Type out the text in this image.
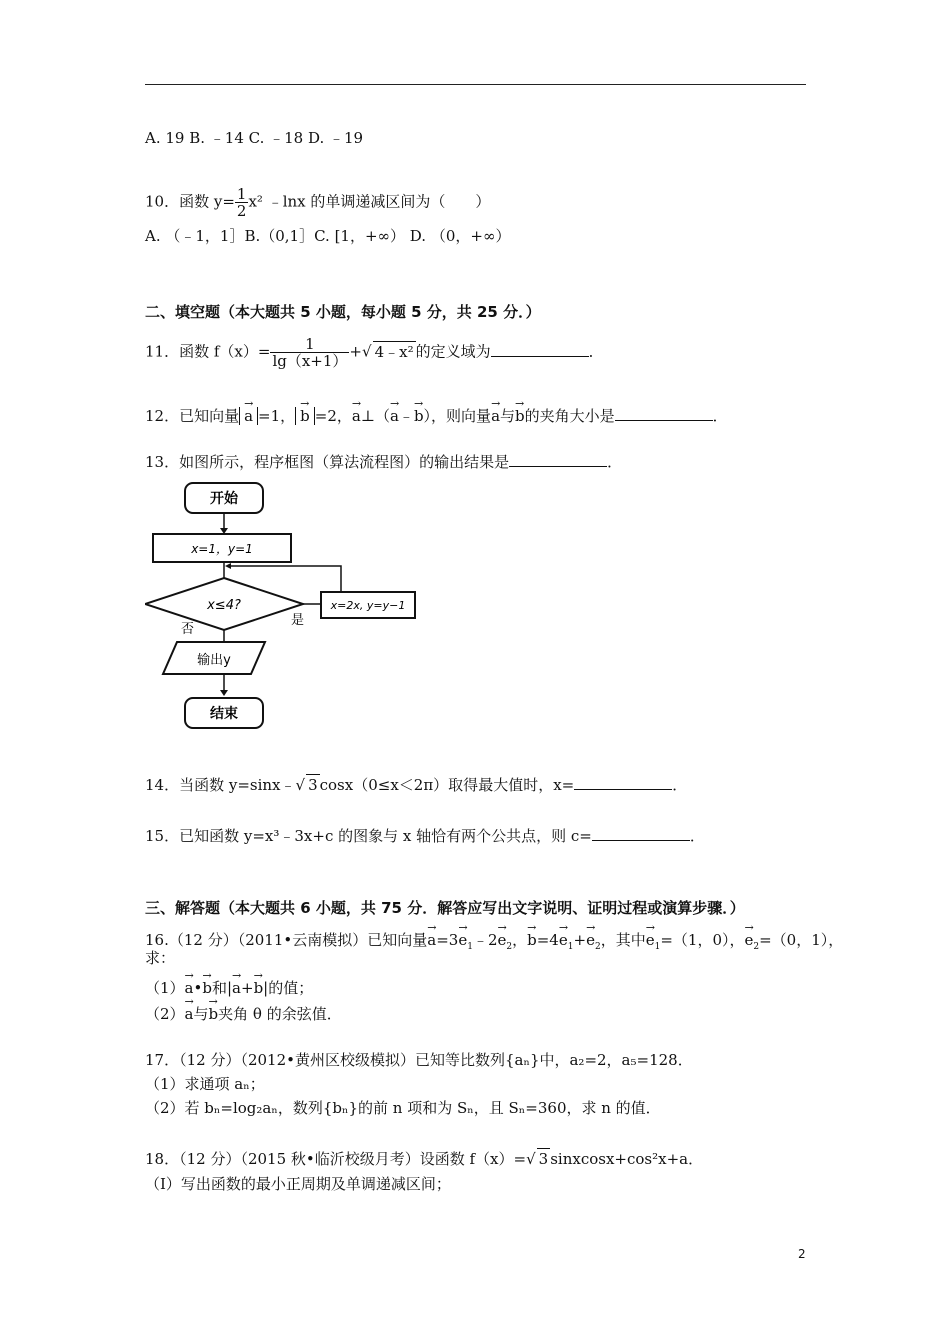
A. 19 B. ﹣14 C. ﹣18 D. ﹣19
10．函数 $y= \frac{1}{2} x^2$ ﹣lnx 的单调递减区间为（　　）
A. （﹣1，1］B.（0,1］C. [1，+∞） D. （0，+∞）
二、填空题（本大题共 5 小题，每小题 5 分，共 25 分．）
11．函数 $f(x)= \frac{1}{\lg(x+1)}$ +√ 4﹣x² 的定义域为	．
12．已知向量 → a =1， → b =2，→ a⊥（→ a﹣→ b），则向量→ a与→ b的夹角大小是	．
13．如图所示，程序框图（算法流程图）的输出结果是	．
开始
x=1，y=1
x≤4?	x=2x, y=y−1
是
否
输出y
结束
14．当函数 y=sinx﹣√ 3 cosx（0≤x＜2π）取得最大值时，x=	．
15．已知函数 y=x³﹣3x+c 的图象与 x 轴恰有两个公共点，则 c=	．
三、解答题（本大题共 6 小题，共 75 分．解答应写出文字说明、证明过程或演算步骤．）
16.（12 分）（2011•云南模拟）已知向量→ $a=3\to e_1﹣2\to e_2$，→ $b=4\to e_1+\to e_2$，其中→ $e_1=(1$，0），→ $e_2=(0$，1），
求：
（1）→ a•→ b和|→ a+→ b|的值；
（2）→ a与→ b夹角 θ 的余弦值．
17．（12 分）（2012•黄州区校级模拟）已知等比数列{aₙ}中，a₂=2，a₅=128．
（1）求通项 aₙ；
（2）若 bₙ=log₂aₙ，数列{bₙ}的前 n 项和为 Sₙ，且 Sₙ=360，求 n 的值．
18．（12 分）（2015 秋•临沂校级月考）设函数 f（x）=√ 3 sinxcosx+cos²x+a．
（Ⅰ）写出函数的最小正周期及单调递减区间；
2
